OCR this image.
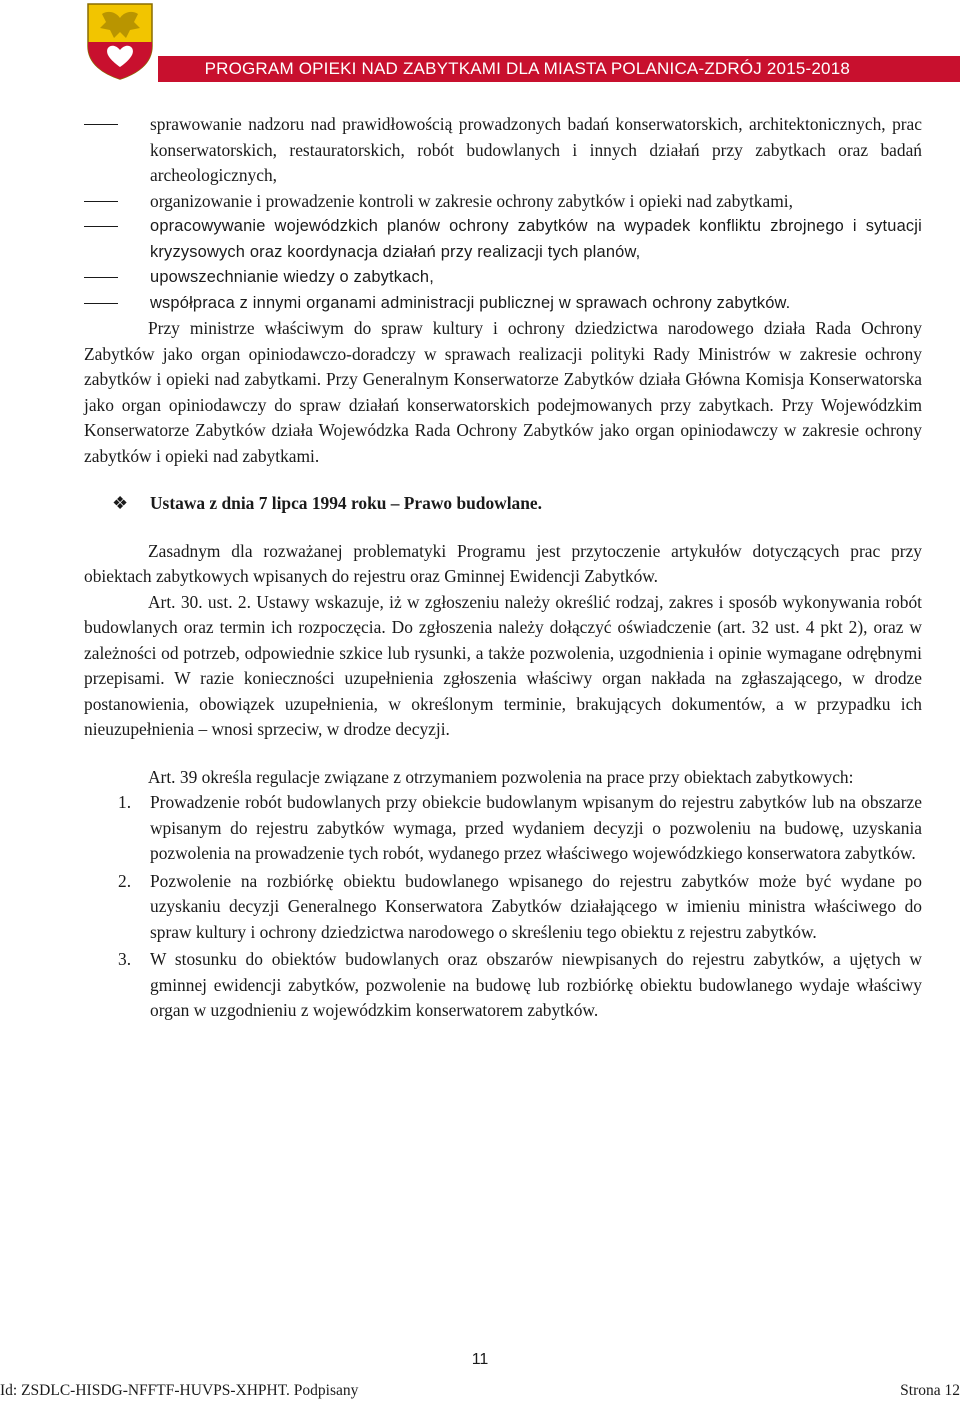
PROGRAM OPIEKI NAD ZABYTKAMI DLA MIASTA POLANICA-ZDRÓJ 2015-2018
sprawowanie nadzoru nad prawidłowością prowadzonych badań konserwatorskich, architektonicznych, prac konserwatorskich, restauratorskich, robót budowlanych i innych działań przy zabytkach oraz badań archeologicznych,
organizowanie i prowadzenie kontroli w zakresie ochrony zabytków i opieki nad zabytkami,
opracowywanie wojewódzkich planów ochrony zabytków na wypadek konfliktu zbrojnego i sytuacji kryzysowych oraz koordynacja działań przy realizacji tych planów,
upowszechnianie wiedzy o zabytkach,
współpraca z innymi organami administracji publicznej w sprawach ochrony zabytków.

Przy ministrze właściwym do spraw kultury i ochrony dziedzictwa narodowego działa Rada Ochrony Zabytków jako organ opiniodawczo-doradczy w sprawach realizacji polityki Rady Ministrów w zakresie ochrony zabytków i opieki nad zabytkami. Przy Generalnym Konserwatorze Zabytków działa Główna Komisja Konserwatorska jako organ opiniodawczy do spraw działań konserwatorskich podejmowanych przy zabytkach. Przy Wojewódzkim Konserwatorze Zabytków działa Wojewódzka Rada Ochrony Zabytków jako organ opiniodawczy w zakresie ochrony zabytków i opieki nad zabytkami.

❖ Ustawa z dnia 7 lipca 1994 roku – Prawo budowlane.

Zasadnym dla rozważanej problematyki Programu jest przytoczenie artykułów dotyczących prac przy obiektach zabytkowych wpisanych do rejestru oraz Gminnej Ewidencji Zabytków.

Art. 30. ust. 2. Ustawy wskazuje, iż w zgłoszeniu należy określić rodzaj, zakres i sposób wykonywania robót budowlanych oraz termin ich rozpoczęcia. Do zgłoszenia należy dołączyć oświadczenie (art. 32 ust. 4 pkt 2), oraz w zależności od potrzeb, odpowiednie szkice lub rysunki, a także pozwolenia, uzgodnienia i opinie wymagane odrębnymi przepisami. W razie konieczności uzupełnienia zgłoszenia właściwy organ nakłada na zgłaszającego, w drodze postanowienia, obowiązek uzupełnienia, w określonym terminie, brakujących dokumentów, a w przypadku ich nieuzupełnienia – wnosi sprzeciw, w drodze decyzji.

Art. 39 określa regulacje związane z otrzymaniem pozwolenia na prace przy obiektach zabytkowych:

1. Prowadzenie robót budowlanych przy obiekcie budowlanym wpisanym do rejestru zabytków lub na obszarze wpisanym do rejestru zabytków wymaga, przed wydaniem decyzji o pozwoleniu na budowę, uzyskania pozwolenia na prowadzenie tych robót, wydanego przez właściwego wojewódzkiego konserwatora zabytków.
2. Pozwolenie na rozbiórkę obiektu budowlanego wpisanego do rejestru zabytków może być wydane po uzyskaniu decyzji Generalnego Konserwatora Zabytków działającego w imieniu ministra właściwego do spraw kultury i ochrony dziedzictwa narodowego o skreśleniu tego obiektu z rejestru zabytków.
3. W stosunku do obiektów budowlanych oraz obszarów niewpisanych do rejestru zabytków, a ujętych w gminnej ewidencji zabytków, pozwolenie na budowę lub rozbiórkę obiektu budowlanego wydaje właściwy organ w uzgodnieniu z wojewódzkim konserwatorem zabytków.
11
Id: ZSDLC-HISDG-NFFTF-HUVPS-XHPHT. Podpisany	Strona 12
